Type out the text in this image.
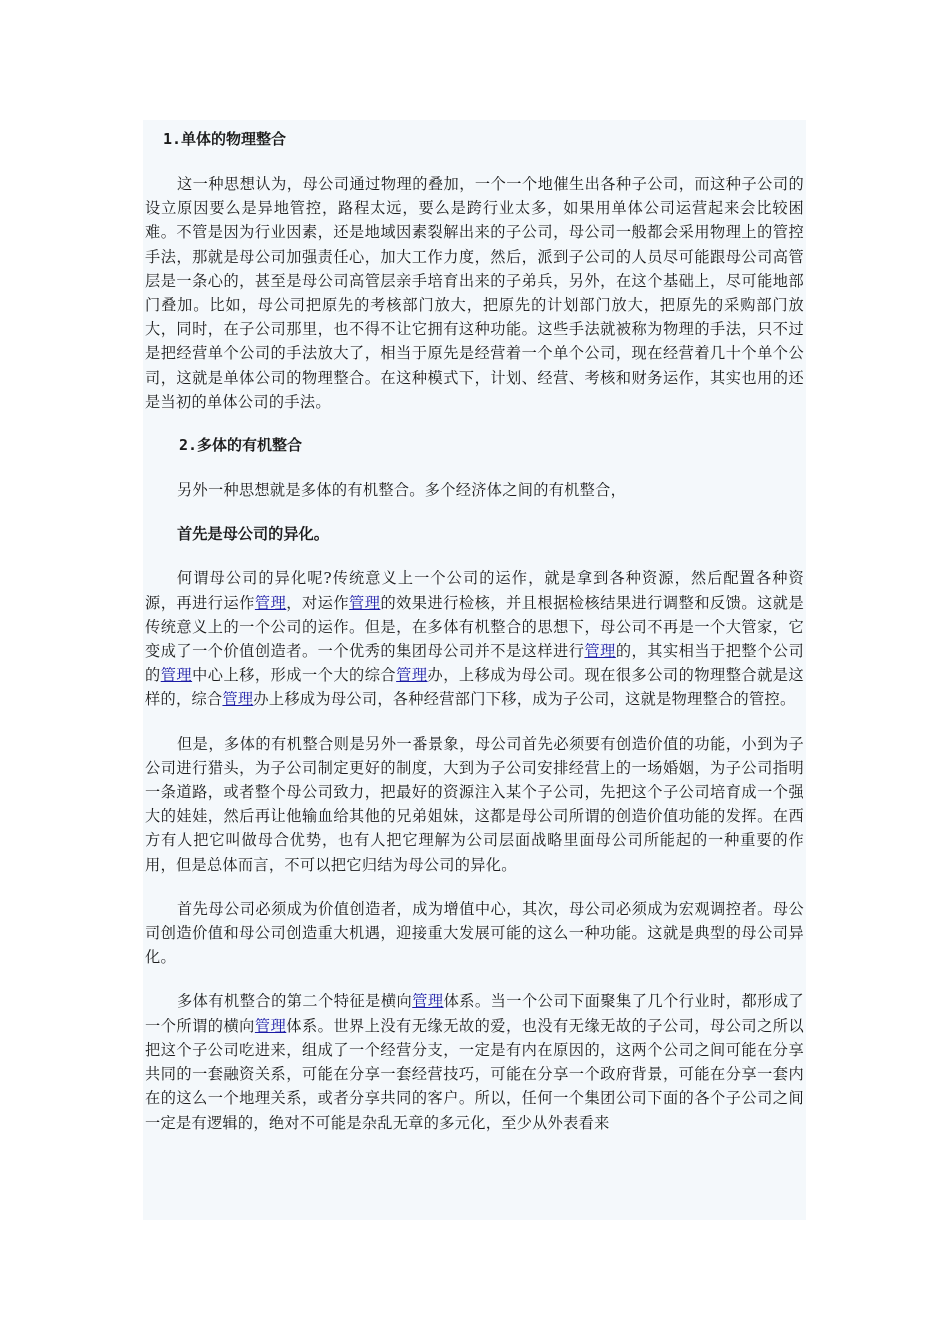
1.单体的物理整合

这一种思想认为，母公司通过物理的叠加，一个一个地催生出各种子公司，而这种子公司的设立原因要么是异地管控，路程太远，要么是跨行业太多，如果用单体公司运营起来会比较困难。不管是因为行业因素，还是地域因素裂解出来的子公司，母公司一般都会采用物理上的管控手法，那就是母公司加强责任心，加大工作力度，然后，派到子公司的人员尽可能跟母公司高管层是一条心的，甚至是母公司高管层亲手培育出来的子弟兵，另外，在这个基础上，尽可能地部门叠加。比如，母公司把原先的考核部门放大，把原先的计划部门放大，把原先的采购部门放大，同时，在子公司那里，也不得不让它拥有这种功能。这些手法就被称为物理的手法，只不过是把经营单个公司的手法放大了，相当于原先是经营着一个单个公司，现在经营着几十个单个公司，这就是单体公司的物理整合。在这种模式下，计划、经营、考核和财务运作，其实也用的还是当初的单体公司的手法。

2.多体的有机整合

另外一种思想就是多体的有机整合。多个经济体之间的有机整合，

首先是母公司的异化。

何谓母公司的异化呢?传统意义上一个公司的运作，就是拿到各种资源，然后配置各种资源，再进行运作管理，对运作管理的效果进行检核，并且根据检核结果进行调整和反馈。这就是传统意义上的一个公司的运作。但是，在多体有机整合的思想下，母公司不再是一个大管家，它变成了一个价值创造者。一个优秀的集团母公司并不是这样进行管理的，其实相当于把整个公司的管理中心上移，形成一个大的综合管理办，上移成为母公司。现在很多公司的物理整合就是这样的，综合管理办上移成为母公司，各种经营部门下移，成为子公司，这就是物理整合的管控。

但是，多体的有机整合则是另外一番景象，母公司首先必须要有创造价值的功能，小到为子公司进行猎头，为子公司制定更好的制度，大到为子公司安排经营上的一场婚姻，为子公司指明一条道路，或者整个母公司致力，把最好的资源注入某个子公司，先把这个子公司培育成一个强大的娃娃，然后再让他输血给其他的兄弟姐妹，这都是母公司所谓的创造价值功能的发挥。在西方有人把它叫做母合优势，也有人把它理解为公司层面战略里面母公司所能起的一种重要的作用，但是总体而言，不可以把它归结为母公司的异化。

首先母公司必须成为价值创造者，成为增值中心，其次，母公司必须成为宏观调控者。母公司创造价值和母公司创造重大机遇，迎接重大发展可能的这么一种功能。这就是典型的母公司异化。

多体有机整合的第二个特征是横向管理体系。当一个公司下面聚集了几个行业时，都形成了一个所谓的横向管理体系。世界上没有无缘无故的爱，也没有无缘无故的子公司，母公司之所以把这个子公司吃进来，组成了一个经营分支，一定是有内在原因的，这两个公司之间可能在分享共同的一套融资关系，可能在分享一套经营技巧，可能在分享一个政府背景，可能在分享一套内在的这么一个地理关系，或者分享共同的客户。所以，任何一个集团公司下面的各个子公司之间一定是有逻辑的，绝对不可能是杂乱无章的多元化，至少从外表看来
